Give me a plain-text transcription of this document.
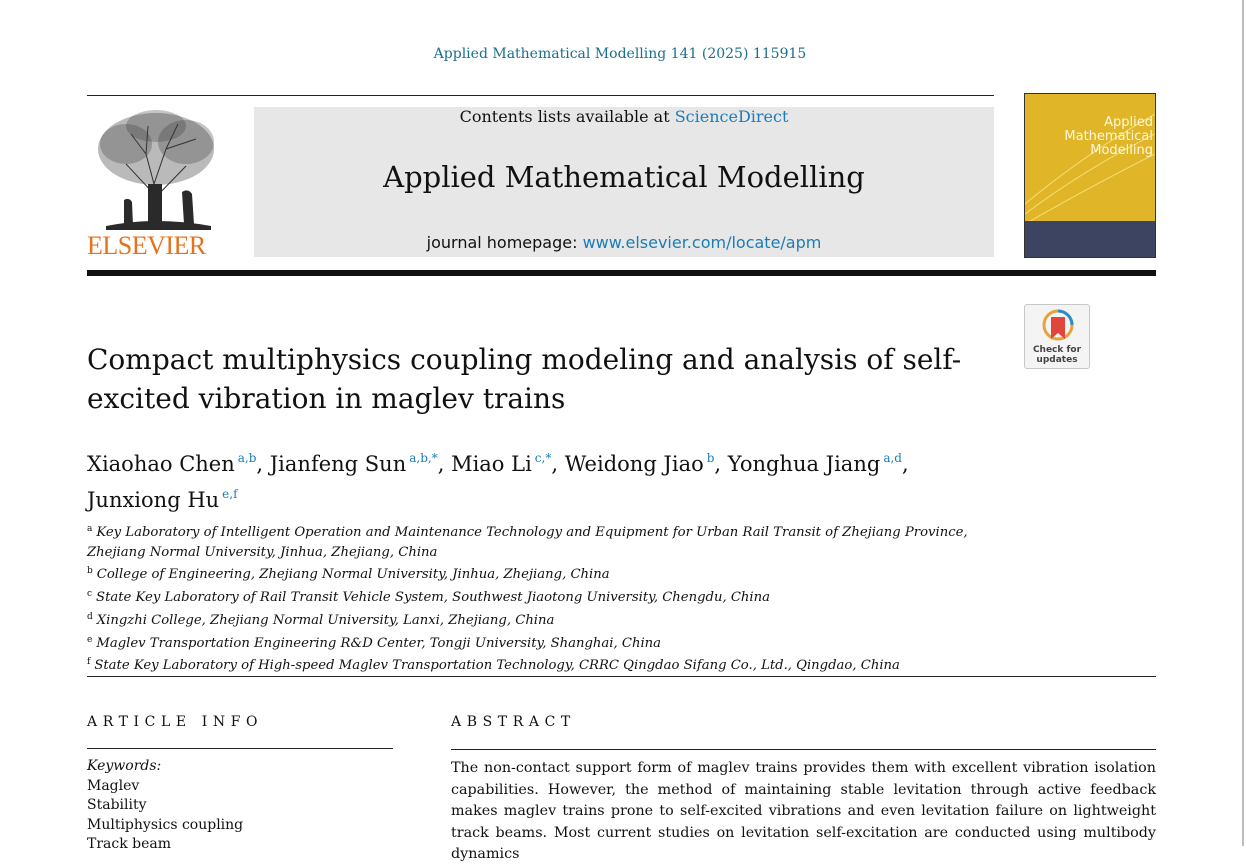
Applied Mathematical Modelling 141 (2025) 115915
ELSEVIER
Contents lists available at ScienceDirect
Applied Mathematical Modelling
journal homepage: www.elsevier.com/locate/apm
Applied Mathematical Modelling
Check for updates
Compact multiphysics coupling modeling and analysis of self-excited vibration in maglev trains
Xiaohao Chen $^{a,b}$, Jianfeng Sun $^{a,b,*}$, Miao Li $^{c,*}$, Weidong Jiao $^b$, Yonghua Jiang $^{a,d}$,
Junxiong Hu $^{e,f}$
$^a$ Key Laboratory of Intelligent Operation and Maintenance Technology and Equipment for Urban Rail Transit of Zhejiang Province, Zhejiang Normal University, Jinhua, Zhejiang, China
$^b$ College of Engineering, Zhejiang Normal University, Jinhua, Zhejiang, China
$^c$ State Key Laboratory of Rail Transit Vehicle System, Southwest Jiaotong University, Chengdu, China
$^d$ Xingzhi College, Zhejiang Normal University, Lanxi, Zhejiang, China
$^e$ Maglev Transportation Engineering R&D Center, Tongji University, Shanghai, China
$^f$ State Key Laboratory of High-speed Maglev Transportation Technology, CRRC Qingdao Sifang Co., Ltd., Qingdao, China
ARTICLE INFO	ABSTRACT
Keywords:
Maglev
Stability
Multiphysics coupling
Track beam
The non-contact support form of maglev trains provides them with excellent vibration isolation capabilities. However, the method of maintaining stable levitation through active feedback makes maglev trains prone to self-excited vibrations and even levitation failure on lightweight track beams. Most current studies on levitation self-excitation are conducted using multibody dynamics
